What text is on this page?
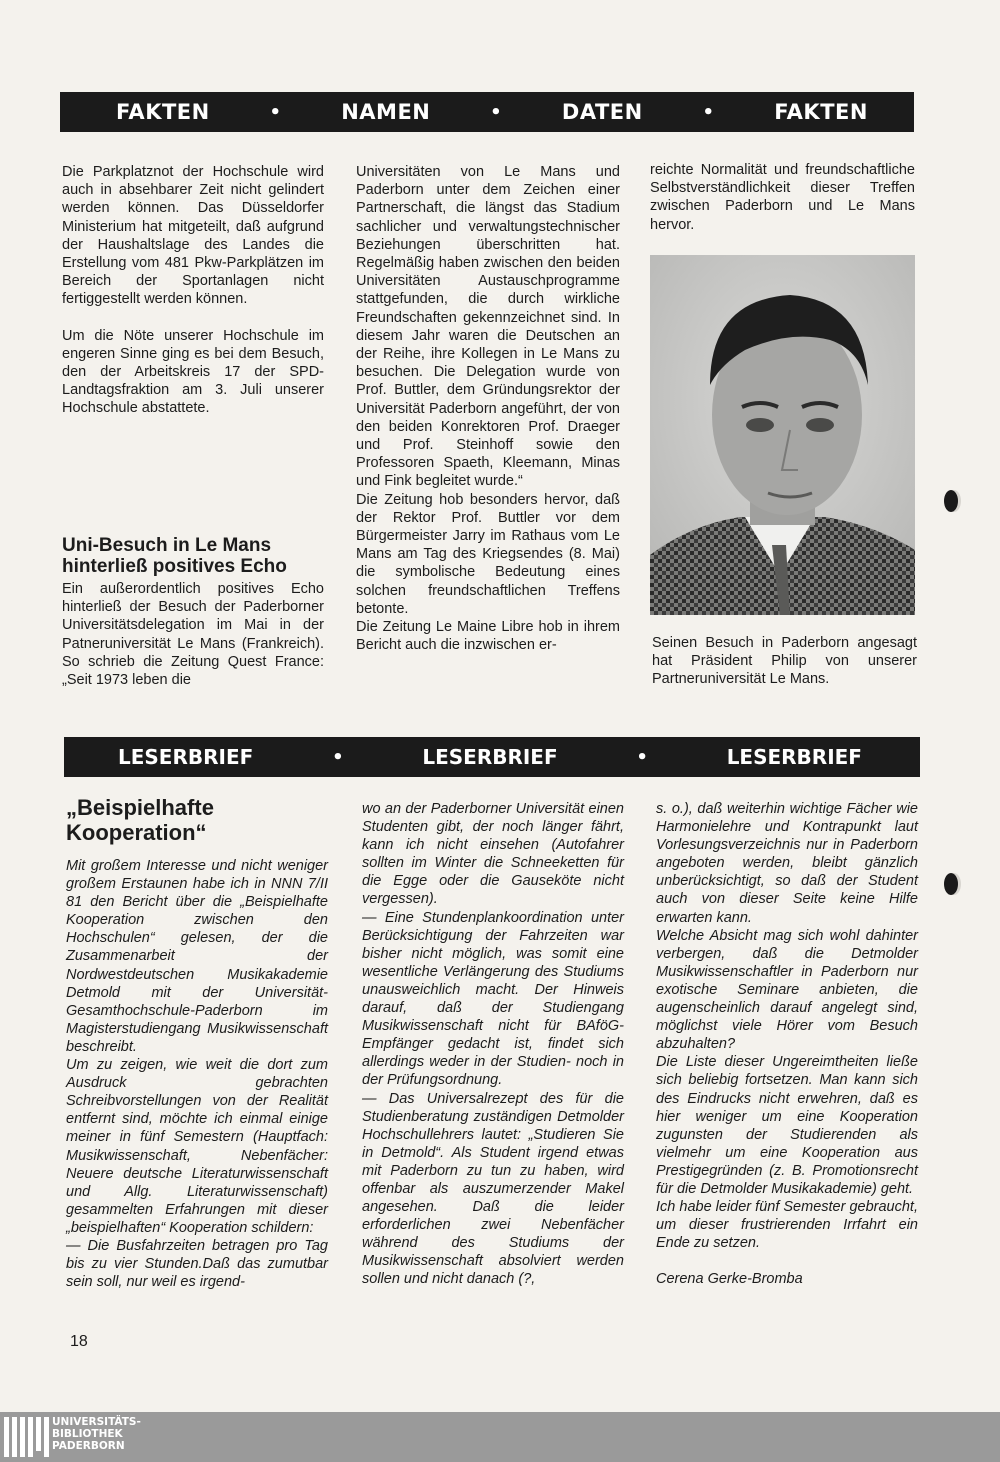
FAKTEN	•	NAMEN	•	DATEN	•	FAKTEN

Die Parkplatznot der Hochschule wird auch in absehbarer Zeit nicht gelindert werden können. Das Düsseldorfer Ministerium hat mitgeteilt, daß aufgrund der Haushaltslage des Landes die Erstellung vom 481 Pkw-Parkplätzen im Bereich der Sportanlagen nicht fertiggestellt werden können.

Um die Nöte unserer Hochschule im engeren Sinne ging es bei dem Besuch, den der Arbeitskreis 17 der SPD-Landtagsfraktion am 3. Juli unserer Hochschule abstattete.

Uni-Besuch in Le Mans hinterließ positives Echo

Ein außerordentlich positives Echo hinterließ der Besuch der Paderborner Universitätsdelegation im Mai in der Patneruniversität Le Mans (Frankreich). So schrieb die Zeitung Quest France: „Seit 1973 leben die

Universitäten von Le Mans und Paderborn unter dem Zeichen einer Partnerschaft, die längst das Stadium sachlicher und verwaltungstechnischer Beziehungen überschritten hat. Regelmäßig haben zwischen den beiden Universitäten Austauschprogramme stattgefunden, die durch wirkliche Freundschaften gekennzeichnet sind. In diesem Jahr waren die Deutschen an der Reihe, ihre Kollegen in Le Mans zu besuchen. Die Delegation wurde von Prof. Buttler, dem Gründungsrektor der Universität Paderborn angeführt, der von den beiden Konrektoren Prof. Draeger und Prof. Steinhoff sowie den Professoren Spaeth, Kleemann, Minas und Fink begleitet wurde.“

Die Zeitung hob besonders hervor, daß der Rektor Prof. Buttler vor dem Bürgermeister Jarry im Rathaus vom Le Mans am Tag des Kriegsendes (8. Mai) die symbolische Bedeutung eines solchen freundschaftlichen Treffens betonte.

Die Zeitung Le Maine Libre hob in ihrem Bericht auch die inzwischen er-

reichte Normalität und freundschaftliche Selbstverständlichkeit dieser Treffen zwischen Paderborn und Le Mans hervor.

Seinen Besuch in Paderborn angesagt hat Präsident Philip von unserer Partneruniversität Le Mans.
LESERBRIEF	•	LESERBRIEF	•	LESERBRIEF
„Beispielhafte Kooperation“

Mit großem Interesse und nicht weniger großem Erstaunen habe ich in NNN 7/II 81 den Bericht über die „Beispielhafte Kooperation zwischen den Hochschulen“ gelesen, der die Zusammenarbeit der Nordwestdeutschen Musikakademie Detmold mit der Universität-Gesamthochschule-Paderborn im Magisterstudiengang Musikwissenschaft beschreibt.

Um zu zeigen, wie weit die dort zum Ausdruck gebrachten Schreibvorstellungen von der Realität entfernt sind, möchte ich einmal einige meiner in fünf Semestern (Hauptfach: Musikwissenschaft, Nebenfächer: Neuere deutsche Literaturwissenschaft und Allg. Literaturwissenschaft) gesammelten Erfahrungen mit dieser „beispielhaften“ Kooperation schildern:

— Die Busfahrzeiten betragen pro Tag bis zu vier Stunden.Daß das zumutbar sein soll, nur weil es irgend-

wo an der Paderborner Universität einen Studenten gibt, der noch länger fährt, kann ich nicht einsehen (Autofahrer sollten im Winter die Schneeketten für die Egge oder die Gauseköte nicht vergessen).

— Eine Stundenplankoordination unter Berücksichtigung der Fahrzeiten war bisher nicht möglich, was somit eine wesentliche Verlängerung des Studiums unausweichlich macht. Der Hinweis darauf, daß der Studiengang Musikwissenschaft nicht für BAföG-Empfänger gedacht ist, findet sich allerdings weder in der Studien- noch in der Prüfungsordnung.

— Das Universalrezept des für die Studienberatung zuständigen Detmolder Hochschullehrers lautet: „Studieren Sie in Detmold“. Als Student irgend etwas mit Paderborn zu tun zu haben, wird offenbar als auszumerzender Makel angesehen. Daß die leider erforderlichen zwei Nebenfächer während des Studiums der Musikwissenschaft absolviert werden sollen und nicht danach (?,

s. o.), daß weiterhin wichtige Fächer wie Harmonielehre und Kontrapunkt laut Vorlesungsverzeichnis nur in Paderborn angeboten werden, bleibt gänzlich unberücksichtigt, so daß der Student auch von dieser Seite keine Hilfe erwarten kann.

Welche Absicht mag sich wohl dahinter verbergen, daß die Detmolder Musikwissenschaftler in Paderborn nur exotische Seminare anbieten, die augenscheinlich darauf angelegt sind, möglichst viele Hörer vom Besuch abzuhalten?

Die Liste dieser Ungereimtheiten ließe sich beliebig fortsetzen. Man kann sich des Eindrucks nicht erwehren, daß es hier weniger um eine Kooperation zugunsten der Studierenden als vielmehr um eine Kooperation aus Prestigegründen (z. B. Promotionsrecht für die Detmolder Musikakademie) geht.

Ich habe leider fünf Semester gebraucht, um dieser frustrierenden Irrfahrt ein Ende zu setzen.

Cerena Gerke-Bromba

18
UNIVERSITÄTS-
BIBLIOTHEK
PADERBORN
